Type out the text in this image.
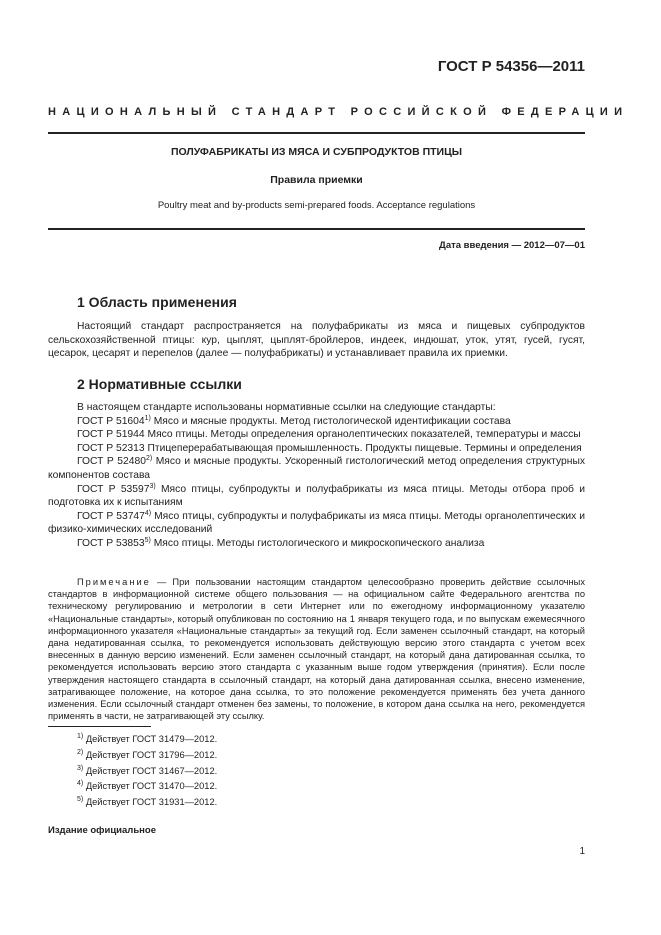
ГОСТ Р 54356—2011
НАЦИОНАЛЬНЫЙ СТАНДАРТ РОССИЙСКОЙ ФЕДЕРАЦИИ
ПОЛУФАБРИКАТЫ ИЗ МЯСА И СУБПРОДУКТОВ ПТИЦЫ
Правила приемки
Poultry meat and by-products semi-prepared foods. Acceptance regulations
Дата введения — 2012—07—01
1 Область применения
Настоящий стандарт распространяется на полуфабрикаты из мяса и пищевых субпродуктов сельскохозяйственной птицы: кур, цыплят, цыплят-бройлеров, индеек, индюшат, уток, утят, гусей, гусят, цесарок, цесарят и перепелов (далее — полуфабрикаты) и устанавливает правила их приемки.
2 Нормативные ссылки
В настоящем стандарте использованы нормативные ссылки на следующие стандарты:
ГОСТ Р 51604$^{1)}$ Мясо и мясные продукты. Метод гистологической идентификации состава
ГОСТ Р 51944 Мясо птицы. Методы определения органолептических показателей, температуры и массы
ГОСТ Р 52313 Птицеперерабатывающая промышленность. Продукты пищевые. Термины и определения
ГОСТ Р 52480$^{2)}$ Мясо и мясные продукты. Ускоренный гистологический метод определения структурных компонентов состава
ГОСТ Р 53597$^{3)}$ Мясо птицы, субпродукты и полуфабрикаты из мяса птицы. Методы отбора проб и подготовка их к испытаниям
ГОСТ Р 53747$^{4)}$ Мясо птицы, субпродукты и полуфабрикаты из мяса птицы. Методы органолептических и физико-химических исследований
ГОСТ Р 53853$^{5)}$ Мясо птицы. Методы гистологического и микроскопического анализа
Примечание — При пользовании настоящим стандартом целесообразно проверить действие ссылочных стандартов в информационной системе общего пользования — на официальном сайте Федерального агентства по техническому регулированию и метрологии в сети Интернет или по ежегодному информационному указателю «Национальные стандарты», который опубликован по состоянию на 1 января текущего года, и по выпускам ежемесячного информационного указателя «Национальные стандарты» за текущий год. Если заменен ссылочный стандарт, на который дана недатированная ссылка, то рекомендуется использовать действующую версию этого стандарта с учетом всех внесенных в данную версию изменений. Если заменен ссылочный стандарт, на который дана датированная ссылка, то рекомендуется использовать версию этого стандарта с указанным выше годом утверждения (принятия). Если после утверждения настоящего стандарта в ссылочный стандарт, на который дана датированная ссылка, внесено изменение, затрагивающее положение, на которое дана ссылка, то это положение рекомендуется применять без учета данного изменения. Если ссылочный стандарт отменен без замены, то положение, в котором дана ссылка на него, рекомендуется применять в части, не затрагивающей эту ссылку.
$^{1)}$ Действует ГОСТ 31479—2012.
$^{2)}$ Действует ГОСТ 31796—2012.
$^{3)}$ Действует ГОСТ 31467—2012.
$^{4)}$ Действует ГОСТ 31470—2012.
$^{5)}$ Действует ГОСТ 31931—2012.
Издание официальное
1
